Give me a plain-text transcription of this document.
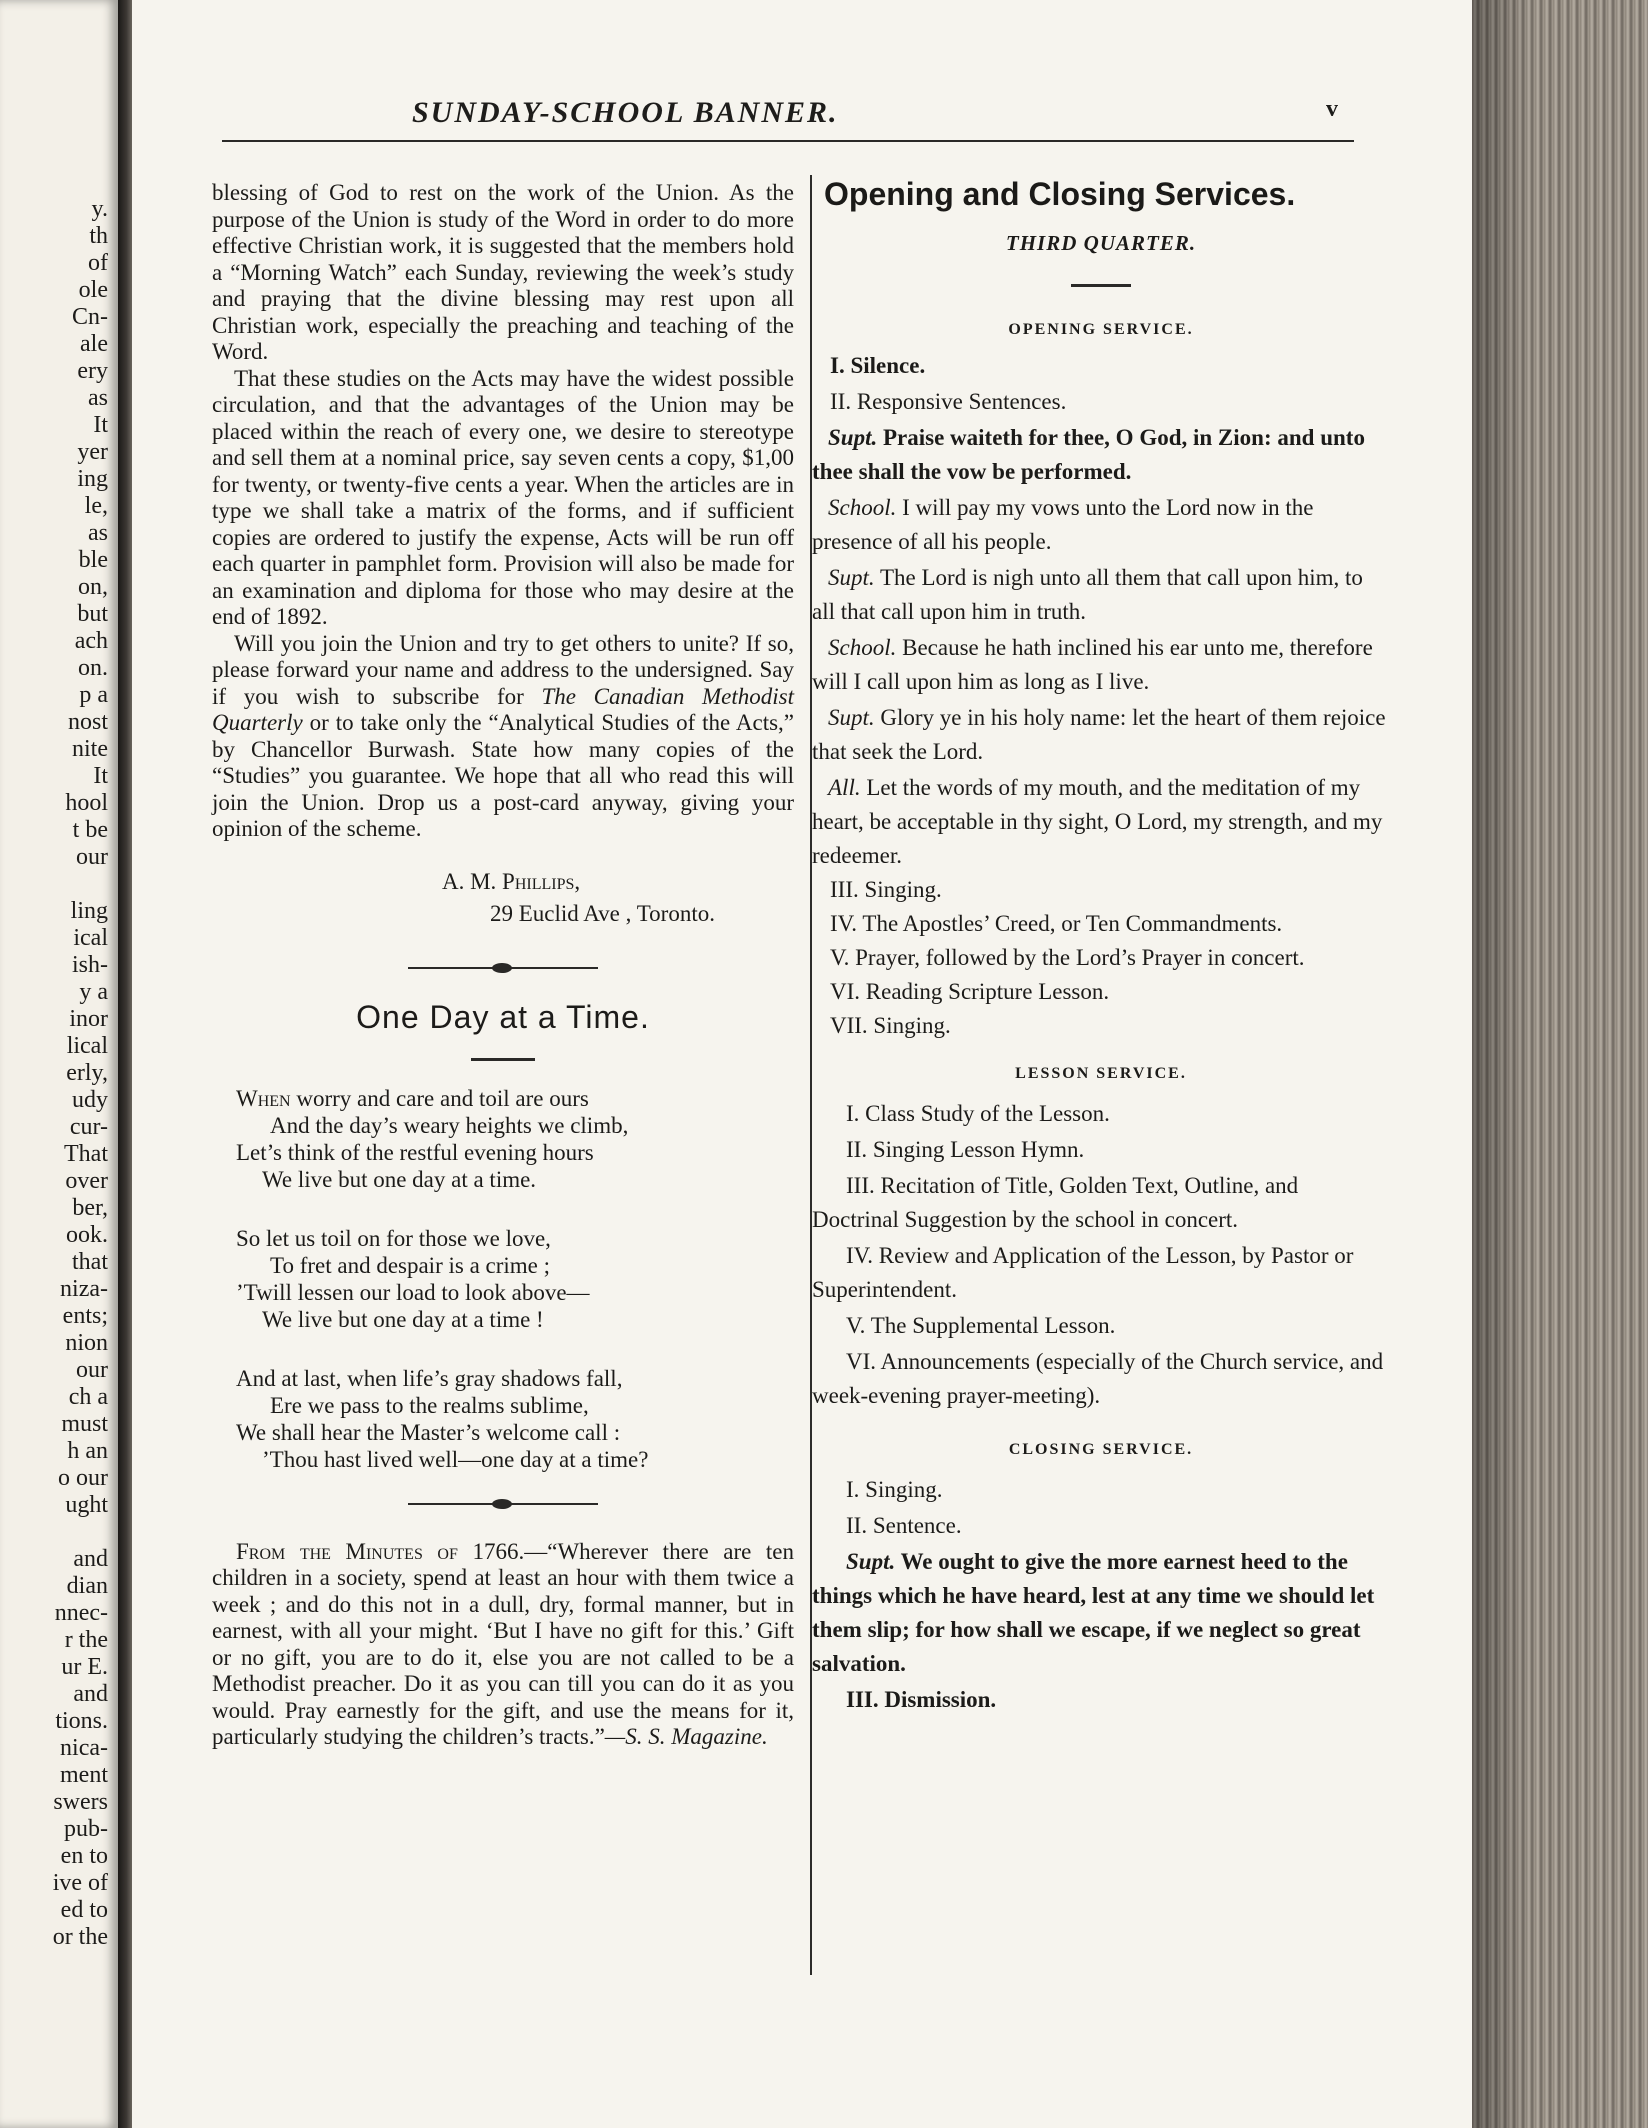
y.
th
of
ole
Cn-
ale
ery
as
It
yer
ing
le,
as
ble
on,
but
ach
on.
p a
nost
nite
It
hool
t be
our
ling
ical
ish-
y a
inor
lical
erly,
udy
cur-
That
over
ber,
ook.
that
niza-
ents;
nion
our
ch a
must
h an
o our
ught
and
dian
nnec-
r the
ur E.
and
tions.
nica-
ment
swers
pub-
en to
ive of
ed to
or the
SUNDAY-SCHOOL BANNER.	v

blessing of God to rest on the work of the Union. As the purpose of the Union is study of the Word in order to do more effective Christian work, it is suggested that the members hold a “Morning Watch” each Sunday, reviewing the week’s study and praying that the divine blessing may rest upon all Christian work, especially the preaching and teaching of the Word.

That these studies on the Acts may have the widest possible circulation, and that the advantages of the Union may be placed within the reach of every one, we desire to stereotype and sell them at a nominal price, say seven cents a copy, $1,00 for twenty, or twenty-five cents a year. When the articles are in type we shall take a matrix of the forms, and if sufficient copies are ordered to justify the expense, Acts will be run off each quarter in pamphlet form. Provision will also be made for an examination and diploma for those who may desire at the end of 1892.

Will you join the Union and try to get others to unite? If so, please forward your name and address to the undersigned. Say if you wish to subscribe for The Canadian Methodist Quarterly or to take only the “Analytical Studies of the Acts,” by Chancellor Burwash. State how many copies of the “Studies” you guarantee. We hope that all who read this will join the Union. Drop us a post-card anyway, giving your opinion of the scheme.

A. M. Phillips,
29 Euclid Ave , Toronto.
One Day at a Time.
When worry and care and toil are ours
And the day’s weary heights we climb,
Let’s think of the restful evening hours
We live but one day at a time.
So let us toil on for those we love,
To fret and despair is a crime ;
’Twill lessen our load to look above—
We live but one day at a time !
And at last, when life’s gray shadows fall,
Ere we pass to the realms sublime,
We shall hear the Master’s welcome call :
’Thou hast lived well—one day at a time?

From the Minutes of 1766.—“Wherever there are ten children in a society, spend at least an hour with them twice a week ; and do this not in a dull, dry, formal manner, but in earnest, with all your might. ‘But I have no gift for this.’ Gift or no gift, you are to do it, else you are not called to be a Methodist preacher. Do it as you can till you can do it as you would. Pray earnestly for the gift, and use the means for it, particularly studying the children’s tracts.”—S. S. Magazine.

Opening and Closing Services.
THIRD QUARTER.
OPENING SERVICE.
I. Silence.
II. Responsive Sentences.

Supt. Praise waiteth for thee, O God, in Zion: and unto thee shall the vow be performed.

School. I will pay my vows unto the Lord now in the presence of all his people.

Supt. The Lord is nigh unto all them that call upon him, to all that call upon him in truth.

School. Because he hath inclined his ear unto me, therefore will I call upon him as long as I live.

Supt. Glory ye in his holy name: let the heart of them rejoice that seek the Lord.

All. Let the words of my mouth, and the meditation of my heart, be acceptable in thy sight, O Lord, my strength, and my redeemer.

III. Singing.

IV. The Apostles’ Creed, or Ten Commandments.

V. Prayer, followed by the Lord’s Prayer in concert.

VI. Reading Scripture Lesson.
VII. Singing.
LESSON SERVICE.
I. Class Study of the Lesson.
II. Singing Lesson Hymn.

III. Recitation of Title, Golden Text, Outline, and Doctrinal Suggestion by the school in concert.

IV. Review and Application of the Lesson, by Pastor or Superintendent.

V. The Supplemental Lesson.

VI. Announcements (especially of the Church service, and week-evening prayer-meeting).

CLOSING SERVICE.
I. Singing.
II. Sentence.

Supt. We ought to give the more earnest heed to the things which he have heard, lest at any time we should let them slip; for how shall we escape, if we neglect so great salvation.

III. Dismission.
